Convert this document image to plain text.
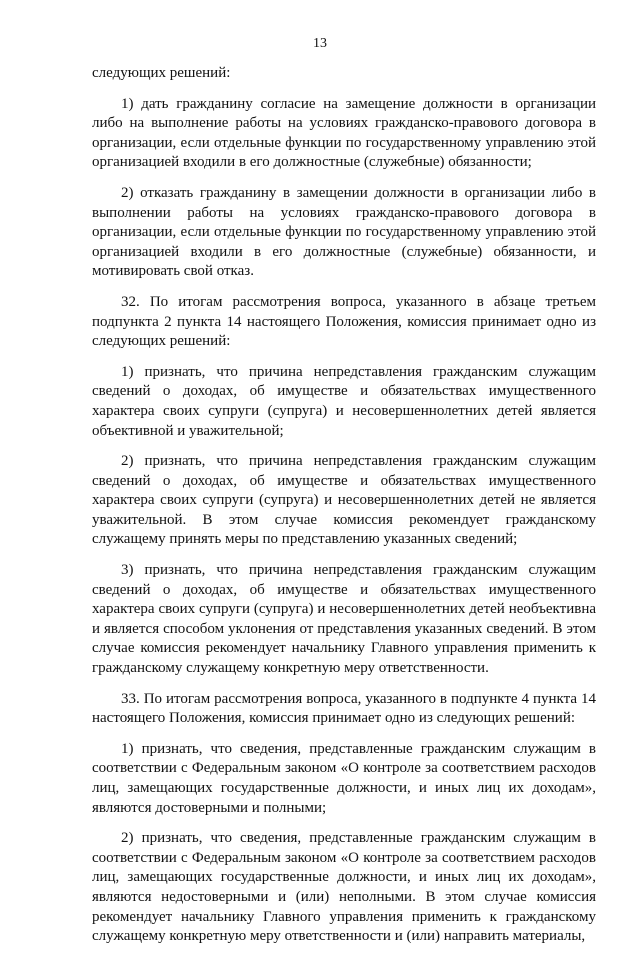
13

следующих решений:

1) дать гражданину согласие на замещение должности в организации либо на выполнение работы на условиях гражданско-правового договора в организации, если отдельные функции по государственному управлению этой организацией входили в его должностные (служебные) обязанности;

2) отказать гражданину в замещении должности в организации либо в выполнении работы на условиях гражданско-правового договора в организации, если отдельные функции по государственному управлению этой организацией входили в его должностные (служебные) обязанности, и мотивировать свой отказ.

32. По итогам рассмотрения вопроса, указанного в абзаце третьем подпункта 2 пункта 14 настоящего Положения, комиссия принимает одно из следующих решений:

1) признать, что причина непредставления гражданским служащим сведений о доходах, об имуществе и обязательствах имущественного характера своих супруги (супруга) и несовершеннолетних детей является объективной и уважительной;

2) признать, что причина непредставления гражданским служащим сведений о доходах, об имуществе и обязательствах имущественного характера своих супруги (супруга) и несовершеннолетних детей не является уважительной. В этом случае комиссия рекомендует гражданскому служащему принять меры по представлению указанных сведений;

3) признать, что причина непредставления гражданским служащим сведений о доходах, об имуществе и обязательствах имущественного характера своих супруги (супруга) и несовершеннолетних детей необъективна и является способом уклонения от представления указанных сведений. В этом случае комиссия рекомендует начальнику Главного управления применить к гражданскому служащему конкретную меру ответственности.

33. По итогам рассмотрения вопроса, указанного в подпункте 4 пункта 14 настоящего Положения, комиссия принимает одно из следующих решений:

1) признать, что сведения, представленные гражданским служащим в соответствии с Федеральным законом «О контроле за соответствием расходов лиц, замещающих государственные должности, и иных лиц их доходам», являются достоверными и полными;

2) признать, что сведения, представленные гражданским служащим в соответствии с Федеральным законом «О контроле за соответствием расходов лиц, замещающих государственные должности, и иных лиц их доходам», являются недостоверными и (или) неполными. В этом случае комиссия рекомендует начальнику Главного управления применить к гражданскому служащему конкретную меру ответственности и (или) направить материалы,
